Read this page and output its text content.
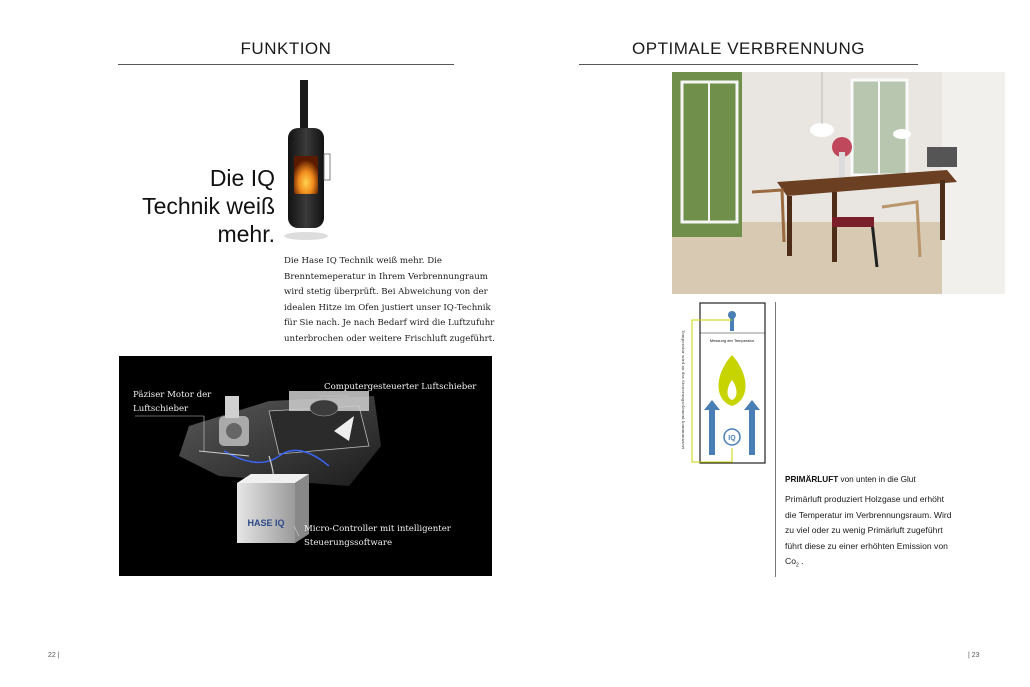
FUNKTION
Die IQ
Technik weiß
mehr.
Die Hase IQ Technik weiß mehr. Die Brenntemeperatur in Ihrem Verbrennungraum wird stetig überprüft. Bei Abweichung von der idealen Hitze im Ofen justiert unser IQ-Technik für Sie nach. Je nach Bedarf wird die Luftzufuhr unterbrochen oder weitere Frischluft zugeführt.
HASE IQ
Päziser Motor der Luftschieber
Computergesteuerter Luftschieber
Micro-Controller mit intelligenter Steuerungssoftware
22 |
OPTIMALE VERBRENNUNG
Messung der Temperatur
IQ
Temperatur wird an das Steuerungselement kommuniziert
PRIMÄRLUFT von unten in die Glut
Primärluft produziert Holzgase und erhöht die Temperatur im Verbrennungsraum. Wird zu viel oder zu wenig Primärluft zugeführt führt diese zu einer erhöhten Emission von $Co_2$ .
| 23
